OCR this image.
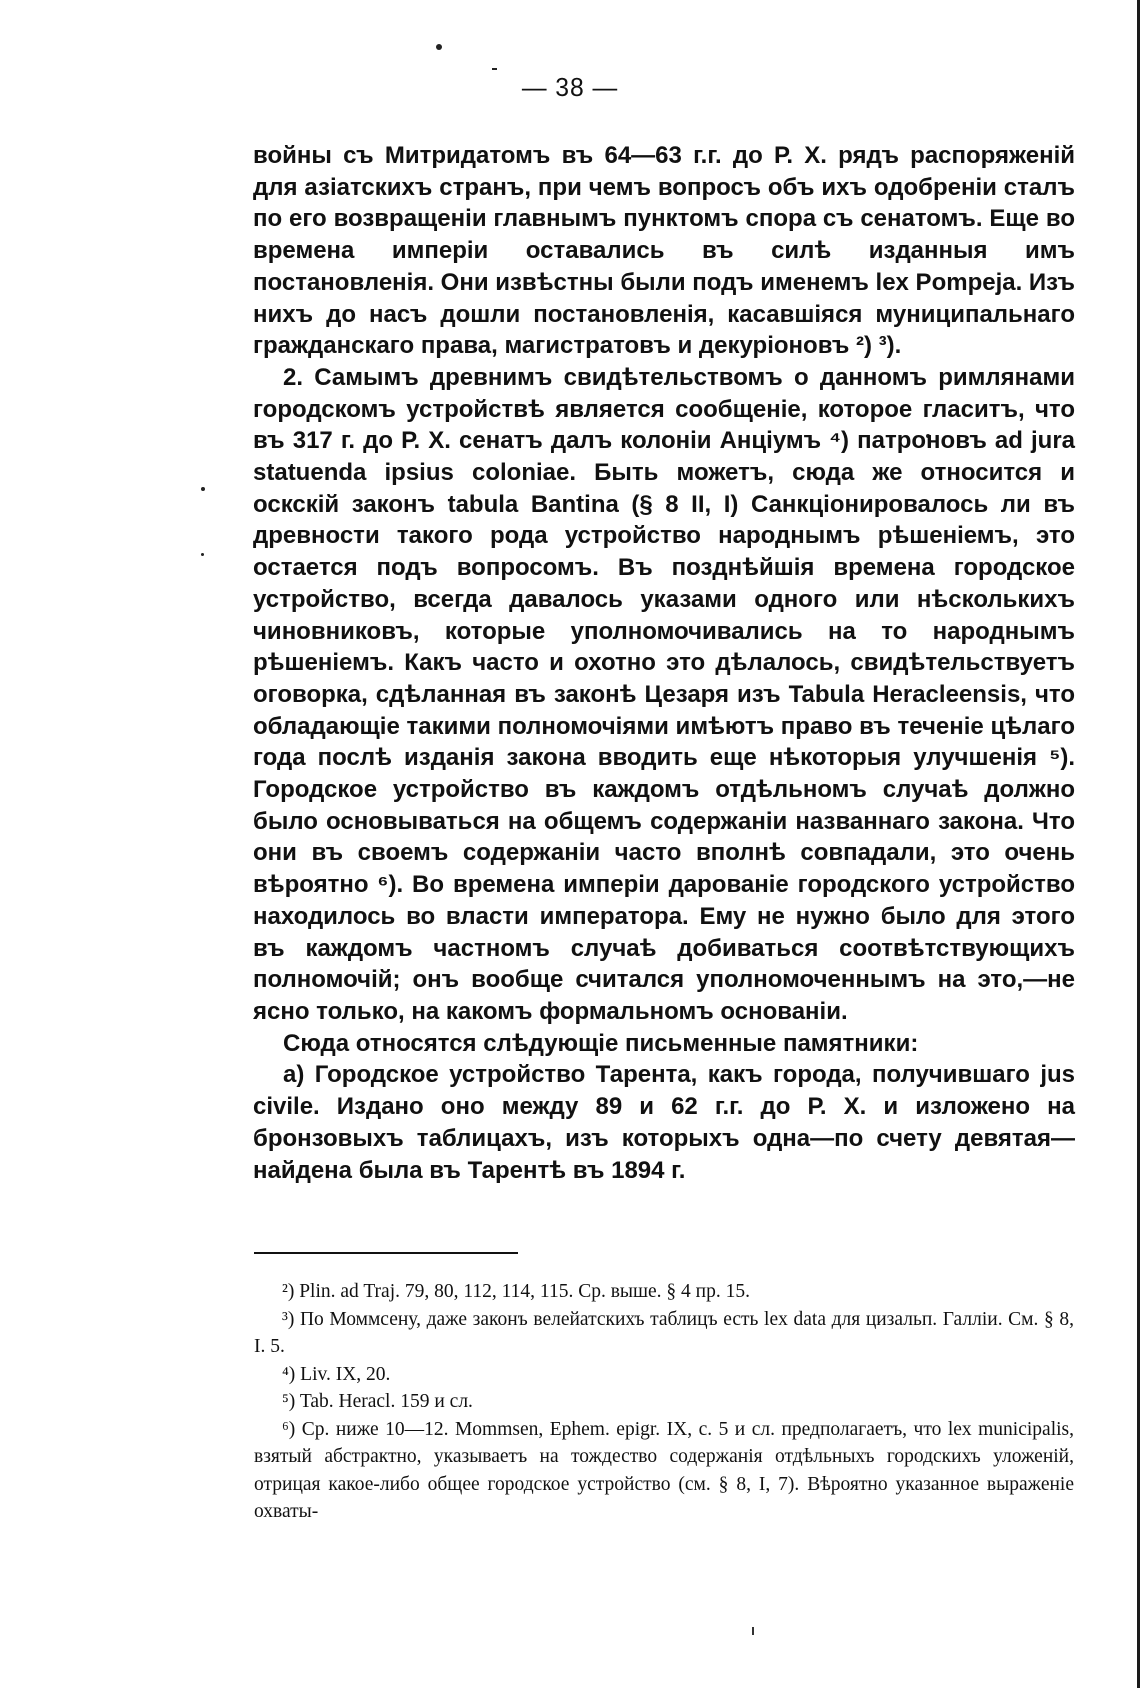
— 38 —

войны съ Митридатомъ въ 64—63 г.г. до Р. Х. рядъ распоряженій для азіатскихъ странъ, при чемъ вопросъ объ ихъ одобреніи сталъ по его возвращеніи главнымъ пунктомъ спора съ сенатомъ. Еще во времена имперіи оставались въ силѣ изданныя имъ постановленія. Они извѣстны были подъ именемъ lex Pompeja. Изъ нихъ до насъ дошли постановленія, касавшіяся муниципальнаго гражданскаго права, магистратовъ и декуріоновъ ²) ³).

2. Самымъ древнимъ свидѣтельствомъ о данномъ римлянами городскомъ устройствѣ является сообщеніе, которое гласитъ, что въ 317 г. до Р. Х. сенатъ далъ колоніи Анціумъ ⁴) патроновъ ad jura statuenda ipsius coloniae. Быть можетъ, сюда же относится и оскскій законъ tabula Bantina (§ 8 II, I) Санкціонировалось ли въ древности такого рода устройство народнымъ рѣшеніемъ, это остается подъ вопросомъ. Въ позднѣйшія времена городское устройство, всегда давалось указами одного или нѣсколькихъ чиновниковъ, которые уполномочивались на то народнымъ рѣшеніемъ. Какъ часто и охотно это дѣлалось, свидѣтельствуетъ оговорка, сдѣланная въ законѣ Цезаря изъ Tabula Heracleensis, что обладающіе такими полномочіями имѣютъ право въ теченіе цѣлаго года послѣ изданія закона вводить еще нѣкоторыя улучшенія ⁵). Городское устройство въ каждомъ отдѣльномъ случаѣ должно было основываться на общемъ содержаніи названнаго закона. Что они въ своемъ содержаніи часто вполнѣ совпадали, это очень вѣроятно ⁶). Во времена имперіи дарованіе городского устройство находилось во власти императора. Ему не нужно было для этого въ каждомъ частномъ случаѣ добиваться соотвѣтствующихъ полномочій; онъ вообще считался уполномоченнымъ на это,—не ясно только, на какомъ формальномъ основаніи.

Сюда относятся слѣдующіе письменные памятники:

а) Городское устройство Тарента, какъ города, получившаго jus civile. Издано оно между 89 и 62 г.г. до Р. Х. и изложено на бронзовыхъ таблицахъ, изъ которыхъ одна—по счету девятая—найдена была въ Тарентѣ въ 1894 г.

²) Plin. ad Traj. 79, 80, 112, 114, 115. Ср. выше. § 4 пр. 15.

³) По Моммсену, даже законъ велейатскихъ таблицъ есть lex data для цизальп. Галліи. См. § 8, I. 5.

⁴) Liv. IX, 20.

⁵) Tab. Heracl. 159 и сл.

⁶) Ср. ниже 10—12. Mommsen, Ephem. epigr. IX, с. 5 и сл. предполагаетъ, что lex municipalis, взятый абстрактно, указываетъ на тождество содержанія отдѣльныхъ городскихъ уложеній, отрицая какое-либо общее городское устройство (см. § 8, I, 7). Вѣроятно указанное выраженіе охваты-
